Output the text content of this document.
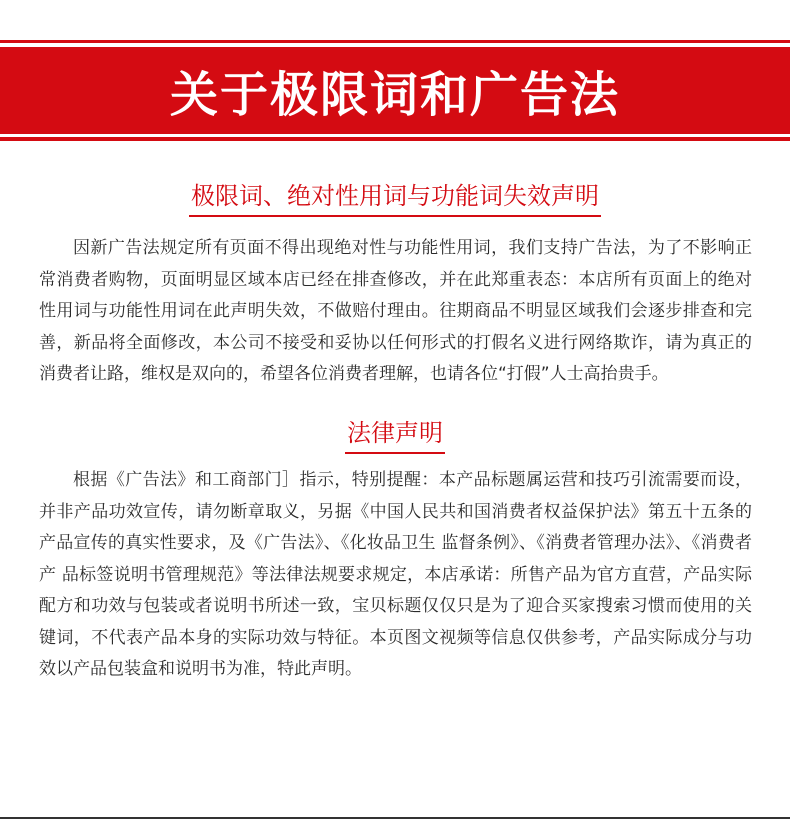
关于极限词和广告法
极限词、绝对性用词与功能词失效声明

因新广告法规定所有页面不得出现绝对性与功能性用词，我们支持广告法，为了不影响正常消费者购物，页面明显区域本店已经在排查修改，并在此郑重表态：本店所有页面上的绝对性用词与功能性用词在此声明失效，不做赔付理由。往期商品不明显区域我们会逐步排查和完善，新品将全面修改，本公司不接受和妥协以任何形式的打假名义进行网络欺诈，请为真正的消费者让路，维权是双向的，希望各位消费者理解，也请各位“打假”人士高抬贵手。

法律声明

根据《广告法》和工商部门］指示，特别提醒：本产品标题属运营和技巧引流需要而设，并非产品功效宣传，请勿断章取义，另据《中国人民共和国消费者权益保护法》第五十五条的产品宣传的真实性要求，及《广告法》、《化妆品卫生 监督条例》、《消费者管理办法》、《消费者产 品标签说明书管理规范》等法律法规要求规定，本店承诺：所售产品为官方直营，产品实际配方和功效与包装或者说明书所述一致，宝贝标题仅仅只是为了迎合买家搜索习惯而使用的关键词，不代表产品本身的实际功效与特征。本页图文视频等信息仅供参考，产品实际成分与功效以产品包装盒和说明书为准，特此声明。
